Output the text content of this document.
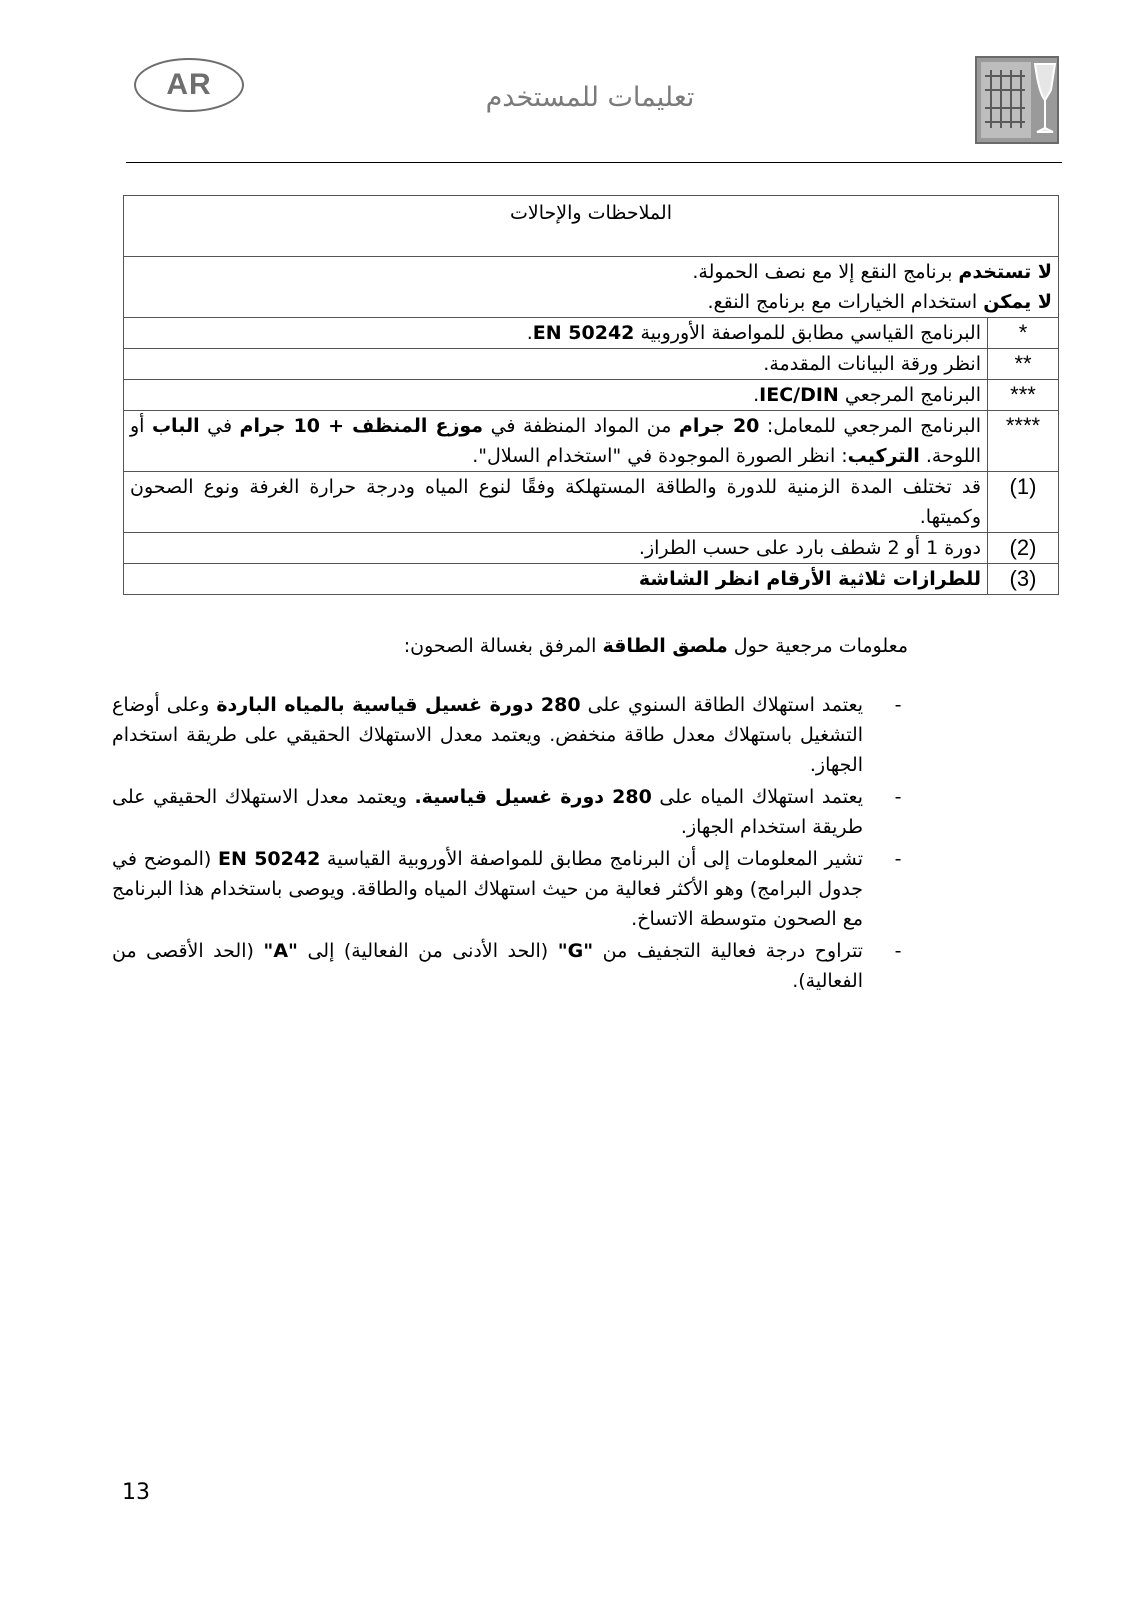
AR	تعليمات للمستخدم
الملاحظات والإحالات	

لا تستخدم برنامج النقع إلا مع نصف الحمولة.
لا يمكن استخدام الخيارات مع برنامج النقع.	

*	البرنامج القياسي مطابق للمواصفة الأوروبية EN 50242.
**	انظر ورقة البيانات المقدمة.
***	البرنامج المرجعي IEC/DIN.
****	البرنامج المرجعي للمعامل: 20 جرام من المواد المنظفة في موزع المنظف + 10 جرام في الباب أو اللوحة. التركيب: انظر الصورة الموجودة في "استخدام السلال".
(1)	قد تختلف المدة الزمنية للدورة والطاقة المستهلكة وفقًا لنوع المياه ودرجة حرارة الغرفة ونوع الصحون وكميتها.
(2)	دورة 1 أو 2 شطف بارد على حسب الطراز.
(3)	للطرازات ثلاثية الأرقام انظر الشاشة
معلومات مرجعية حول ملصق الطاقة المرفق بغسالة الصحون:
-
يعتمد استهلاك الطاقة السنوي على 280 دورة غسيل قياسية بالمياه الباردة وعلى أوضاع التشغيل باستهلاك معدل طاقة منخفض. ويعتمد معدل الاستهلاك الحقيقي على طريقة استخدام الجهاز.
-
يعتمد استهلاك المياه على 280 دورة غسيل قياسية. ويعتمد معدل الاستهلاك الحقيقي على طريقة استخدام الجهاز.
-
تشير المعلومات إلى أن البرنامج مطابق للمواصفة الأوروبية القياسية EN 50242 (الموضح في جدول البرامج) وهو الأكثر فعالية من حيث استهلاك المياه والطاقة. ويوصى باستخدام هذا البرنامج مع الصحون متوسطة الاتساخ.
-
تتراوح درجة فعالية التجفيف من "G" (الحد الأدنى من الفعالية) إلى "A" (الحد الأقصى من الفعالية).
13
